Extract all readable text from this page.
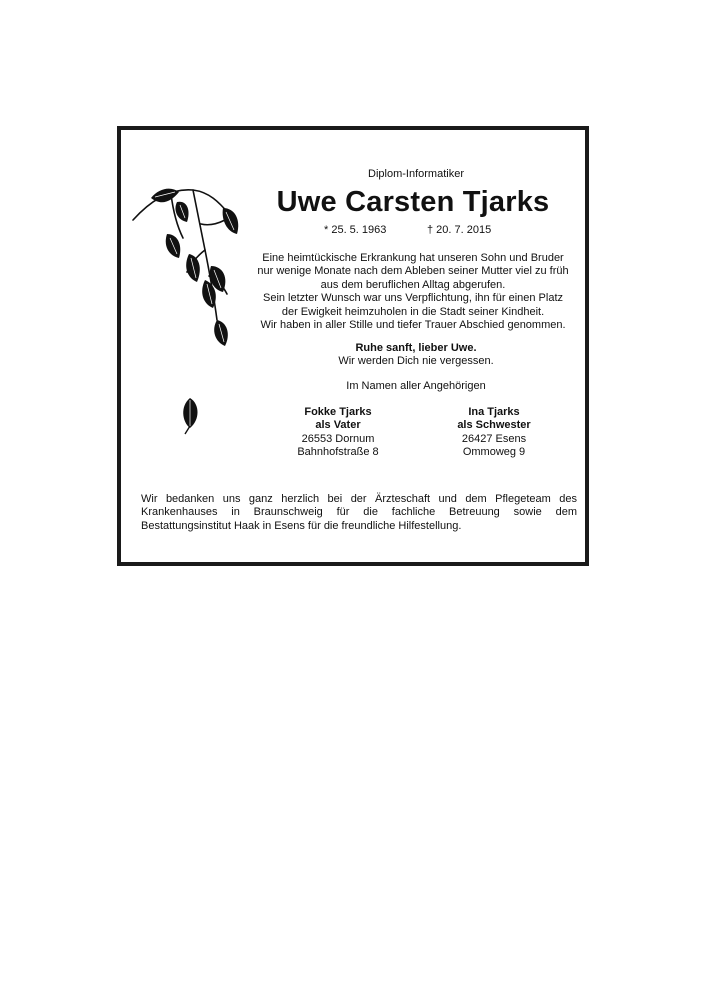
Diplom-Informatiker
Uwe Carsten Tjarks
* 25. 5. 1963	† 20. 7. 2015
Eine heimtückische Erkrankung hat unseren Sohn und Bruder
nur wenige Monate nach dem Ableben seiner Mutter viel zu früh
aus dem beruflichen Alltag abgerufen.
Sein letzter Wunsch war uns Verpflichtung, ihn für einen Platz
der Ewigkeit heimzuholen in die Stadt seiner Kindheit.
Wir haben in aller Stille und tiefer Trauer Abschied genommen.
Ruhe sanft, lieber Uwe.
Wir werden Dich nie vergessen.
Im Namen aller Angehörigen
Fokke Tjarks
als Vater
26553 Dornum
Bahnhofstraße 8
Ina Tjarks
als Schwester
26427 Esens
Ommoweg 9
Wir bedanken uns ganz herzlich bei der Ärzteschaft und dem Pflegeteam des Krankenhauses in Braunschweig für die fachliche Betreuung sowie dem Bestattungsinstitut Haak in Esens für die freundliche Hilfestellung.
